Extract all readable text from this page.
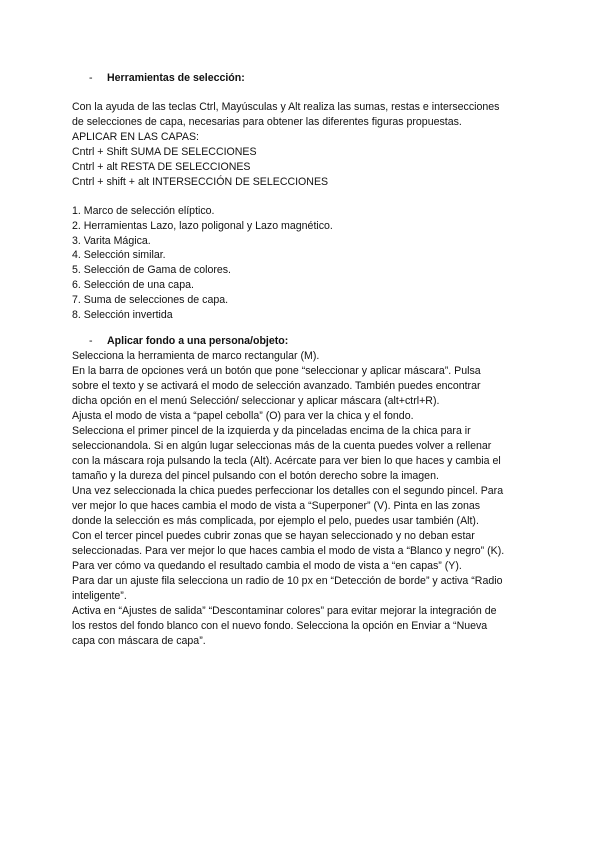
- Herramientas de selección:
Con la ayuda de las teclas Ctrl, Mayúsculas y Alt realiza las sumas, restas e intersecciones
de selecciones de capa, necesarias para obtener las diferentes figuras propuestas.
APLICAR EN LAS CAPAS:
Cntrl + Shift SUMA DE SELECCIONES
Cntrl + alt RESTA DE SELECCIONES
Cntrl + shift + alt INTERSECCIÓN DE SELECCIONES
1. Marco de selección elíptico.
2. Herramientas Lazo, lazo poligonal y Lazo magnético.
3. Varita Mágica.
4. Selección similar.
5. Selección de Gama de colores.
6. Selección de una capa.
7. Suma de selecciones de capa.
8. Selección invertida
- Aplicar fondo a una persona/objeto:
Selecciona la herramienta de marco rectangular (M).
En la barra de opciones verá un botón que pone “seleccionar y aplicar máscara”. Pulsa
sobre el texto y se activará el modo de selección avanzado. También puedes encontrar
dicha opción en el menú Selección/ seleccionar y aplicar máscara (alt+ctrl+R).
Ajusta el modo de vista a “papel cebolla” (O) para ver la chica y el fondo.
Selecciona el primer pincel de la izquierda y da pinceladas encima de la chica para ir
seleccionandola. Si en algún lugar seleccionas más de la cuenta puedes volver a rellenar
con la máscara roja pulsando la tecla (Alt). Acércate para ver bien lo que haces y cambia el
tamaño y la dureza del pincel pulsando con el botón derecho sobre la imagen.
Una vez seleccionada la chica puedes perfeccionar los detalles con el segundo pincel. Para
ver mejor lo que haces cambia el modo de vista a “Superponer” (V). Pinta en las zonas
donde la selección es más complicada, por ejemplo el pelo, puedes usar también (Alt).
Con el tercer pincel puedes cubrir zonas que se hayan seleccionado y no deban estar
seleccionadas. Para ver mejor lo que haces cambia el modo de vista a “Blanco y negro” (K).
Para ver cómo va quedando el resultado cambia el modo de vista a “en capas” (Y).
Para dar un ajuste fila selecciona un radio de 10 px en “Detección de borde” y activa “Radio
inteligente”.
Activa en “Ajustes de salida” “Descontaminar colores” para evitar mejorar la integración de
los restos del fondo blanco con el nuevo fondo. Selecciona la opción en Enviar a “Nueva
capa con máscara de capa”.
